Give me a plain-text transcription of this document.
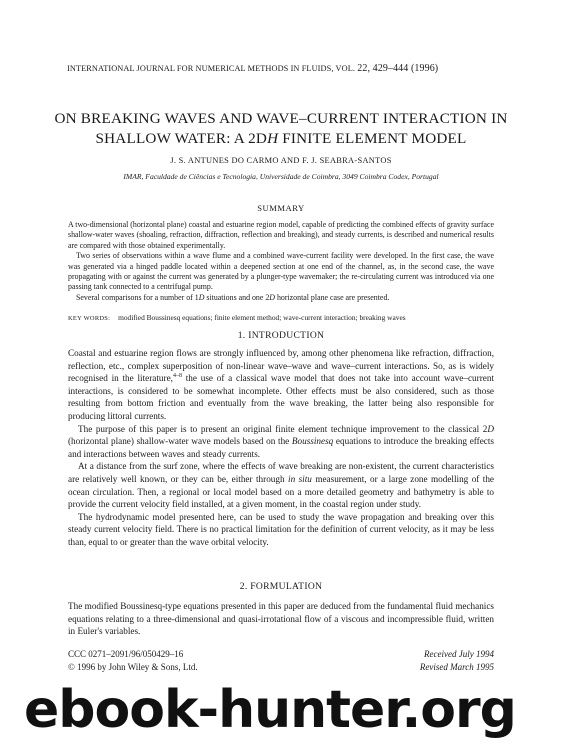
INTERNATIONAL JOURNAL FOR NUMERICAL METHODS IN FLUIDS, VOL. 22, 429–444 (1996)
ON BREAKING WAVES AND WAVE–CURRENT INTERACTION IN
SHALLOW WATER: A 2DH FINITE ELEMENT MODEL
J. S. ANTUNES DO CARMO AND F. J. SEABRA-SANTOS
IMAR, Faculdade de Ciências e Tecnologia, Universidade de Coimbra, 3049 Coimbra Codex, Portugal
SUMMARY

A two-dimensional (horizontal plane) coastal and estuarine region model, capable of predicting the combined effects of gravity surface shallow-water waves (shoaling, refraction, diffraction, reflection and breaking), and steady currents, is described and numerical results are compared with those obtained experimentally.

Two series of observations within a wave flume and a combined wave-current facility were developed. In the first case, the wave was generated via a hinged paddle located within a deepened section at one end of the channel, as, in the second case, the wave propagating with or against the current was generated by a plunger-type wavemaker; the re-circulating current was introduced via one passing tank connected to a centrifugal pump.

Several comparisons for a number of 1D situations and one 2D horizontal plane case are presented.

KEY WORDS: modified Boussinesq equations; finite element method; wave-current interaction; breaking waves
1. INTRODUCTION

Coastal and estuarine region flows are strongly influenced by, among other phenomena like refraction, diffraction, reflection, etc., complex superposition of non-linear wave–wave and wave–current interactions. So, as is widely recognised in the literature,$^{4-8}$ the use of a classical wave model that does not take into account wave–current interactions, is considered to be somewhat incomplete. Other effects must be also considered, such as those resulting from bottom friction and eventually from the wave breaking, the latter being also responsible for producing littoral currents.

The purpose of this paper is to present an original finite element technique improvement to the classical 2D (horizontal plane) shallow-water wave models based on the Boussinesq equations to introduce the breaking effects and interactions between waves and steady currents.

At a distance from the surf zone, where the effects of wave breaking are non-existent, the current characteristics are relatively well known, or they can be, either through in situ measurement, or a large zone modelling of the ocean circulation. Then, a regional or local model based on a more detailed geometry and bathymetry is able to provide the current velocity field installed, at a given moment, in the coastal region under study.

The hydrodynamic model presented here, can be used to study the wave propagation and breaking over this steady current velocity field. There is no practical limitation for the definition of current velocity, as it may be less than, equal to or greater than the wave orbital velocity.

2. FORMULATION

The modified Boussinesq-type equations presented in this paper are deduced from the fundamental fluid mechanics equations relating to a three-dimensional and quasi-irrotational flow of a viscous and incompressible fluid, written in Euler's variables.

CCC 0271–2091/96/050429–16
© 1996 by John Wiley & Sons, Ltd.
Received July 1994
Revised March 1995
ebook-hunter.org
